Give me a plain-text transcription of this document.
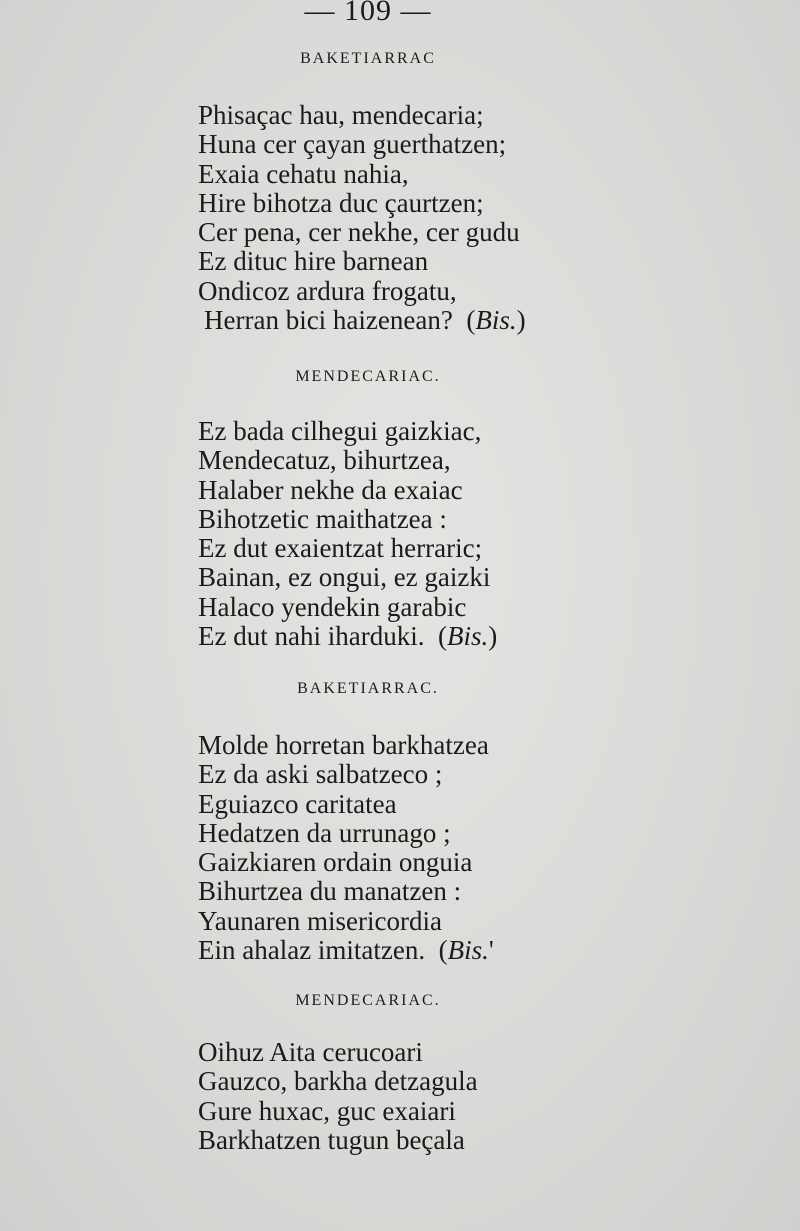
— 109 —
BAKETIARRAC
Phisaçac hau, mendecaria;
Huna cer çayan guerthatzen;
Exaia cehatu nahia,
Hire bihotza duc çaurtzen;
Cer pena, cer nekhe, cer gudu
Ez dituc hire barnean
Ondicoz ardura frogatu,
Herran bici haizenean? (Bis.)
MENDECARIAC.
Ez bada cilhegui gaizkiac,
Mendecatuz, bihurtzea,
Halaber nekhe da exaiac
Bihotzetic maithatzea :
Ez dut exaientzat herraric;
Bainan, ez ongui, ez gaizki
Halaco yendekin garabic
Ez dut nahi iharduki. (Bis.)
BAKETIARRAC.
Molde horretan barkhatzea
Ez da aski salbatzeco ;
Eguiazco caritatea
Hedatzen da urrunago ;
Gaizkiaren ordain onguia
Bihurtzea du manatzen :
Yaunaren misericordia
Ein ahalaz imitatzen. (Bis.'
MENDECARIAC.
Oihuz Aita cerucoari
Gauzco, barkha detzagula
Gure huxac, guc exaiari
Barkhatzen tugun beçala
